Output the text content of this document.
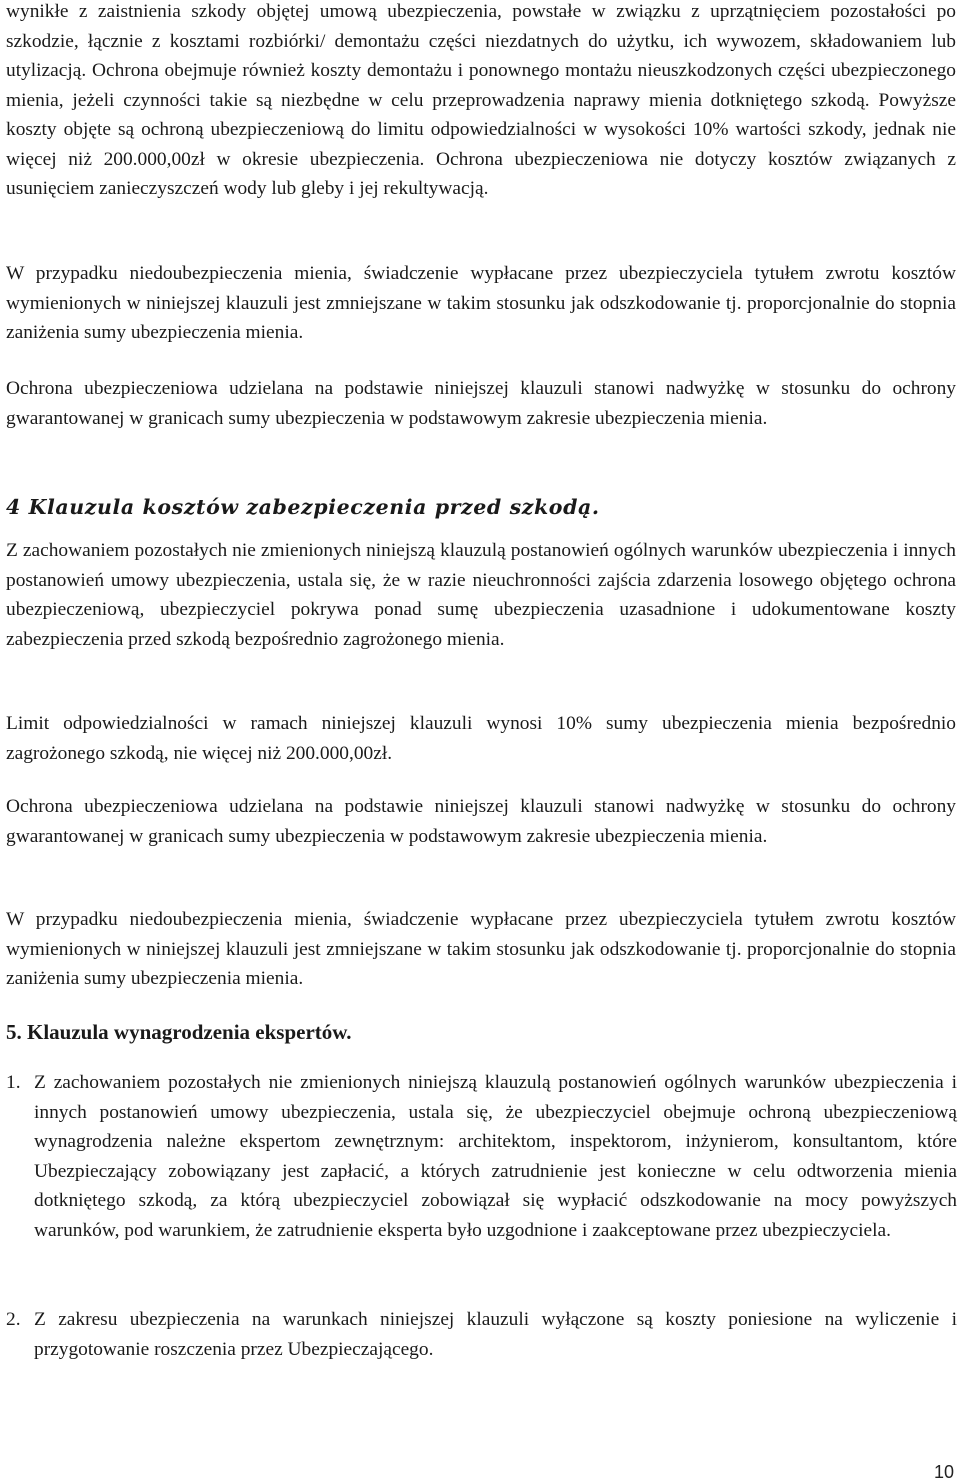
wynikłe z zaistnienia szkody objętej umową ubezpieczenia, powstałe w związku z uprzątnięciem pozostałości po szkodzie, łącznie z kosztami rozbiórki/ demontażu części niezdatnych do użytku, ich wywozem, składowaniem lub utylizacją. Ochrona obejmuje również koszty demontażu i ponownego montażu nieuszkodzonych części ubezpieczonego mienia, jeżeli czynności takie są niezbędne w celu przeprowadzenia naprawy mienia dotkniętego szkodą. Powyższe koszty objęte są ochroną ubezpieczeniową do limitu odpowiedzialności w wysokości 10% wartości szkody, jednak nie więcej niż 200.000,00zł w okresie ubezpieczenia. Ochrona ubezpieczeniowa nie dotyczy kosztów związanych z usunięciem zanieczyszczeń wody lub gleby i jej rekultywacją.

W przypadku niedoubezpieczenia mienia, świadczenie wypłacane przez ubezpieczyciela tytułem zwrotu kosztów wymienionych w niniejszej klauzuli jest zmniejszane w takim stosunku jak odszkodowanie tj. proporcjonalnie do stopnia zaniżenia sumy ubezpieczenia mienia.

Ochrona ubezpieczeniowa udzielana na podstawie niniejszej klauzuli stanowi nadwyżkę w stosunku do ochrony gwarantowanej w granicach sumy ubezpieczenia w podstawowym zakresie ubezpieczenia mienia.

4 Klauzula kosztów zabezpieczenia przed szkodą.

Z zachowaniem pozostałych nie zmienionych niniejszą klauzulą postanowień ogólnych warunków ubezpieczenia i innych postanowień umowy ubezpieczenia, ustala się, że w razie nieuchronności zajścia zdarzenia losowego objętego ochrona ubezpieczeniową, ubezpieczyciel pokrywa ponad sumę ubezpieczenia uzasadnione i udokumentowane koszty zabezpieczenia przed szkodą bezpośrednio zagrożonego mienia.

Limit odpowiedzialności w ramach niniejszej klauzuli wynosi 10% sumy ubezpieczenia mienia bezpośrednio zagrożonego szkodą, nie więcej niż 200.000,00zł.

Ochrona ubezpieczeniowa udzielana na podstawie niniejszej klauzuli stanowi nadwyżkę w stosunku do ochrony gwarantowanej w granicach sumy ubezpieczenia w podstawowym zakresie ubezpieczenia mienia.

W przypadku niedoubezpieczenia mienia, świadczenie wypłacane przez ubezpieczyciela tytułem zwrotu kosztów wymienionych w niniejszej klauzuli jest zmniejszane w takim stosunku jak odszkodowanie tj. proporcjonalnie do stopnia zaniżenia sumy ubezpieczenia mienia.

5. Klauzula wynagrodzenia ekspertów.
1. Z zachowaniem pozostałych nie zmienionych niniejszą klauzulą postanowień ogólnych warunków ubezpieczenia i innych postanowień umowy ubezpieczenia, ustala się, że ubezpieczyciel obejmuje ochroną ubezpieczeniową wynagrodzenia należne ekspertom zewnętrznym: architektom, inspektorom, inżynierom, konsultantom, które Ubezpieczający zobowiązany jest zapłacić, a których zatrudnienie jest konieczne w celu odtworzenia mienia dotkniętego szkodą, za którą ubezpieczyciel zobowiązał się wypłacić odszkodowanie na mocy powyższych warunków, pod warunkiem, że zatrudnienie eksperta było uzgodnione i zaakceptowane przez ubezpieczyciela.

2. Z zakresu ubezpieczenia na warunkach niniejszej klauzuli wyłączone są koszty poniesione na wyliczenie i przygotowanie roszczenia przez Ubezpieczającego.

10
